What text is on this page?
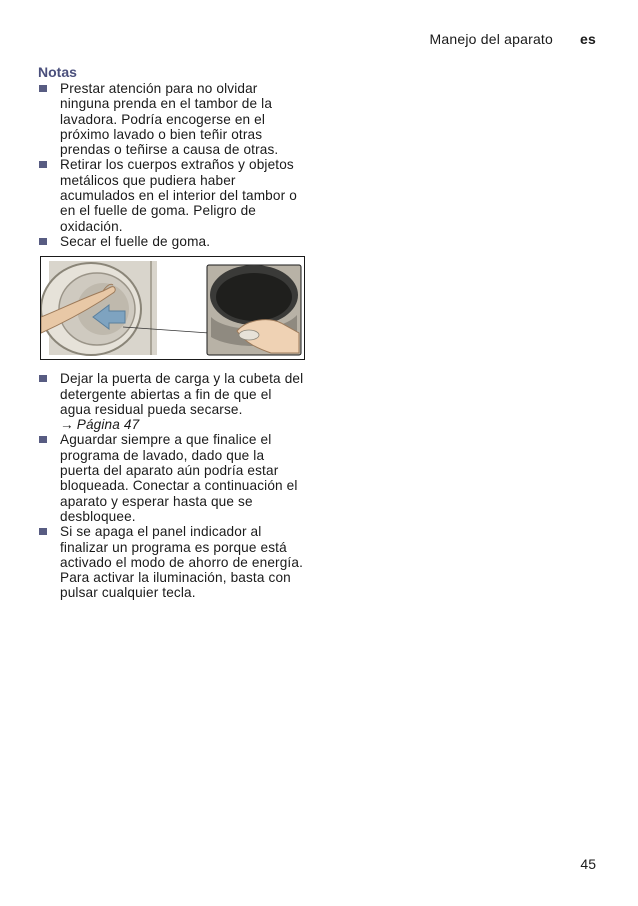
Manejo del aparato es
Notas
Prestar atención para no olvidar ninguna prenda en el tambor de la lavadora. Podría encogerse en el próximo lavado o bien teñir otras prendas o teñirse a causa de otras.
Retirar los cuerpos extraños y objetos metálicos que pudiera haber acumulados en el interior del tambor o en el fuelle de goma. Peligro de oxidación.
Secar el fuelle de goma.
Dejar la puerta de carga y la cubeta del detergente abiertas a fin de que el agua residual pueda secarse.
→ Página 47
Aguardar siempre a que finalice el programa de lavado, dado que la puerta del aparato aún podría estar bloqueada. Conectar a continuación el aparato y esperar hasta que se desbloquee.
Si se apaga el panel indicador al finalizar un programa es porque está activado el modo de ahorro de energía. Para activar la iluminación, basta con pulsar cualquier tecla.
45
